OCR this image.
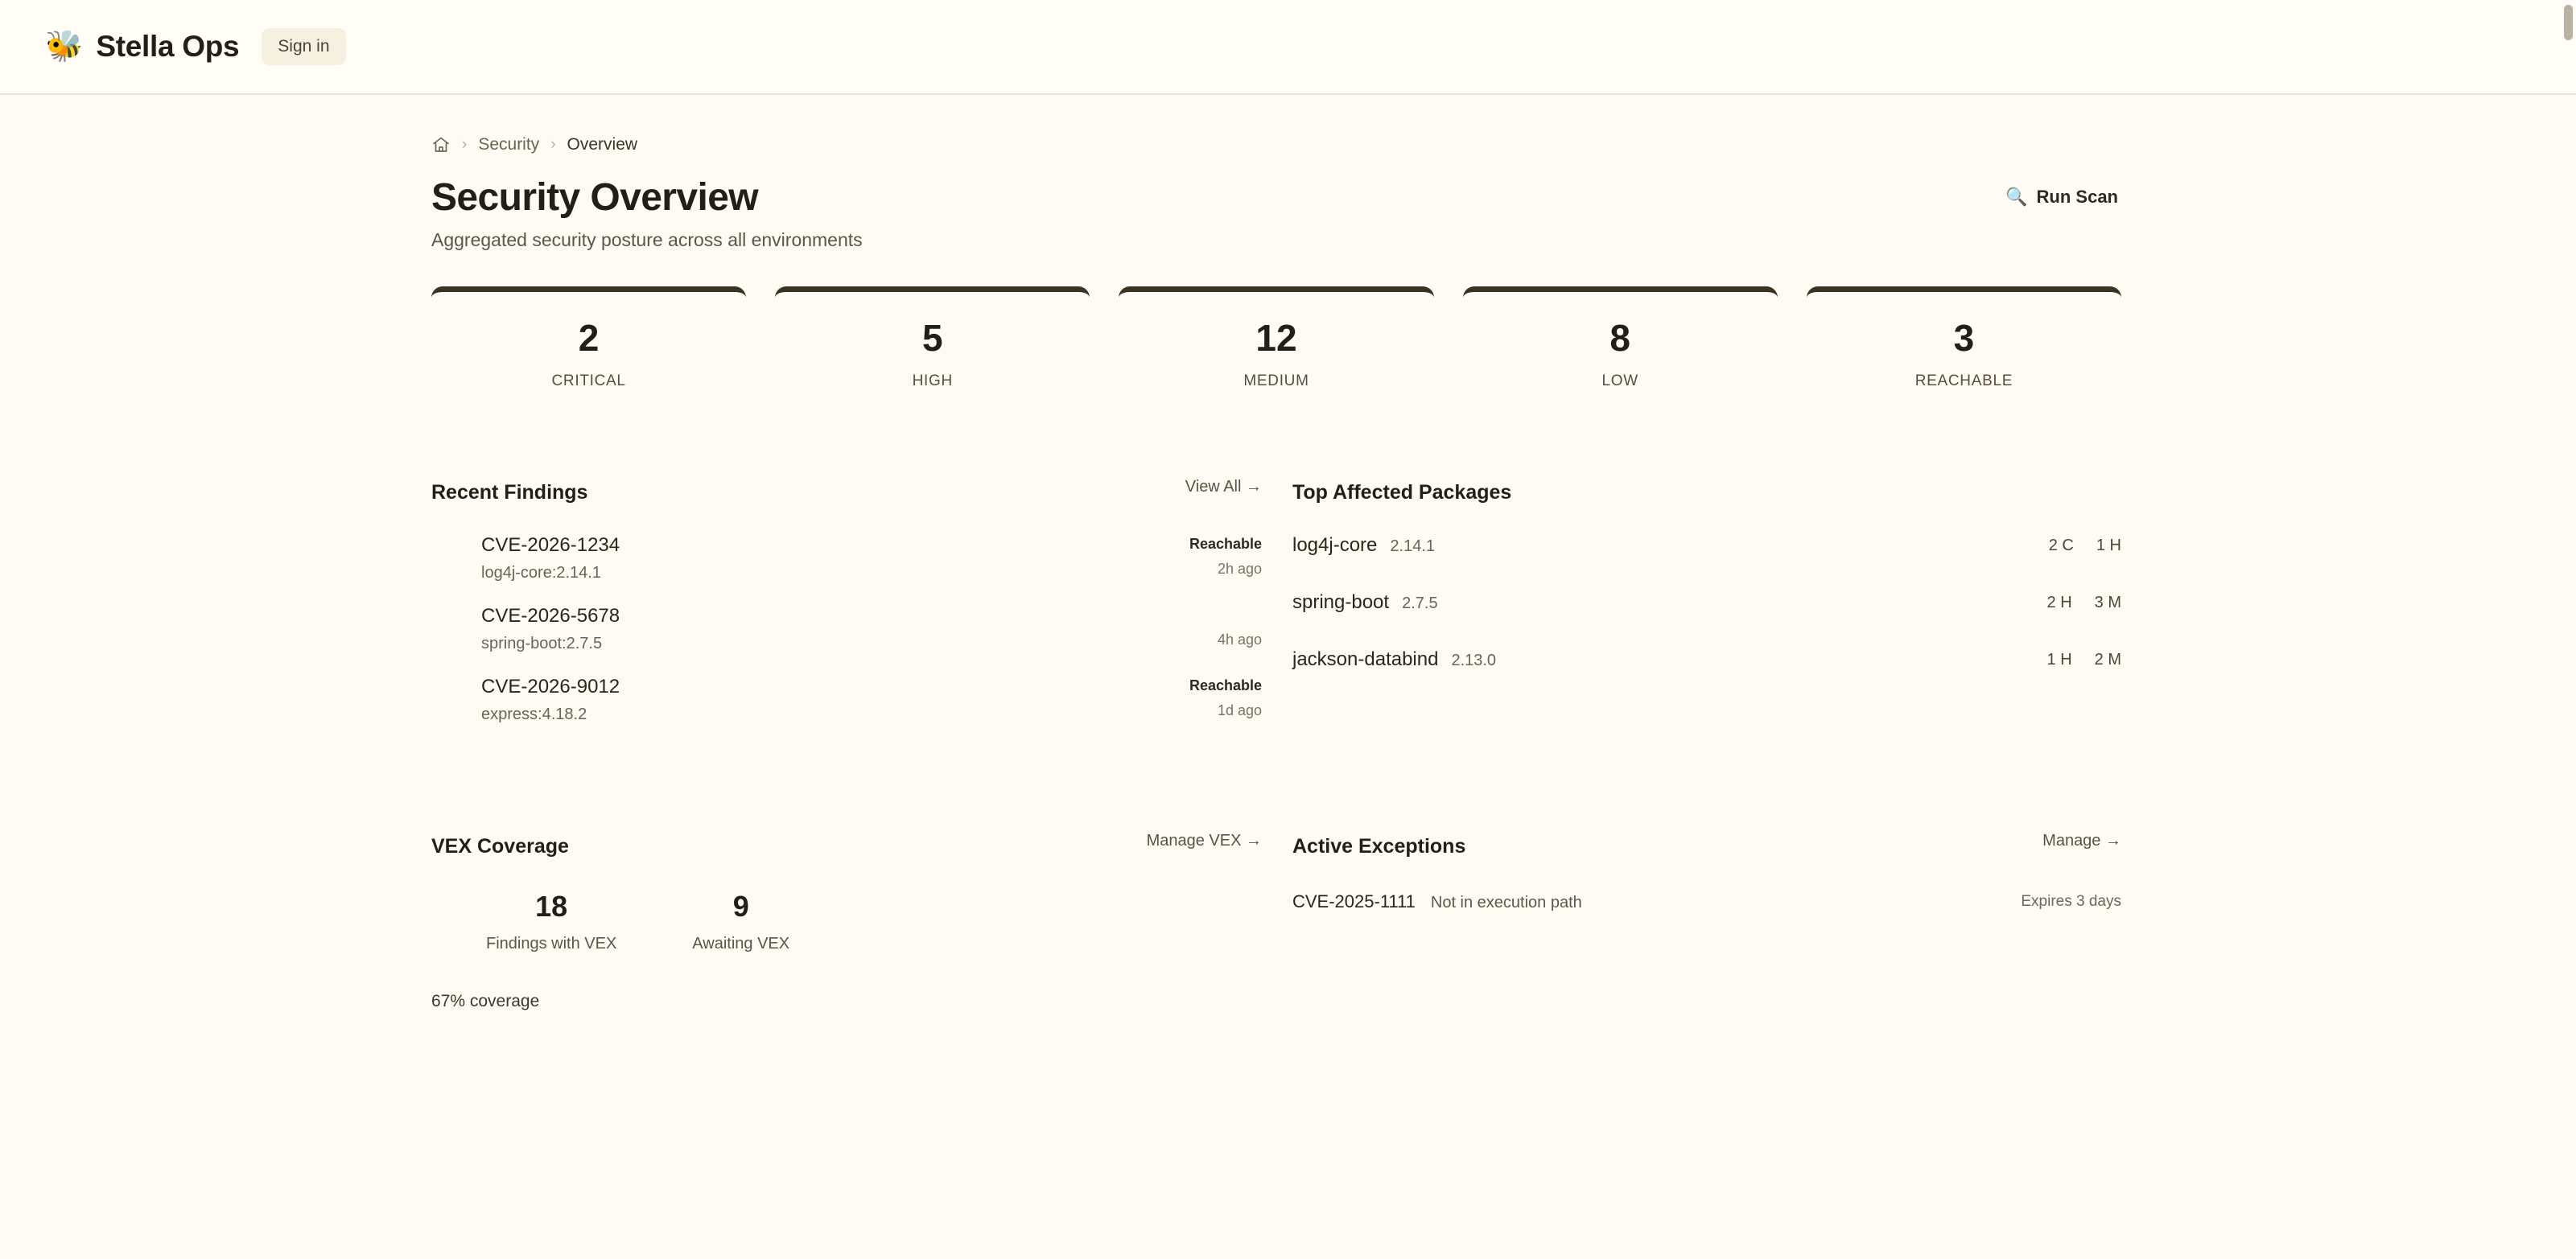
🐝 Stella Ops	Sign in
› Security › Overview
Security Overview
Aggregated security posture across all environments
🔍 Run Scan
2
CRITICAL
5
HIGH
12
MEDIUM
8
LOW
3
REACHABLE
Recent Findings	View All →
CVE-2026-1234
log4j-core:2.14.1
Reachable
2h ago
CVE-2026-5678
spring-boot:2.7.5	4h ago
CVE-2026-9012
express:4.18.2
Reachable
1d ago
Top Affected Packages
log4j-core 2.14.1	2 C 1 H
spring-boot 2.7.5	2 H 3 M
jackson-databind 2.13.0	1 H 2 M
VEX Coverage	Manage VEX →
18
Findings with VEX
9
Awaiting VEX
67% coverage
Active Exceptions	Manage →
CVE-2025-1111 Not in execution path	Expires 3 days
